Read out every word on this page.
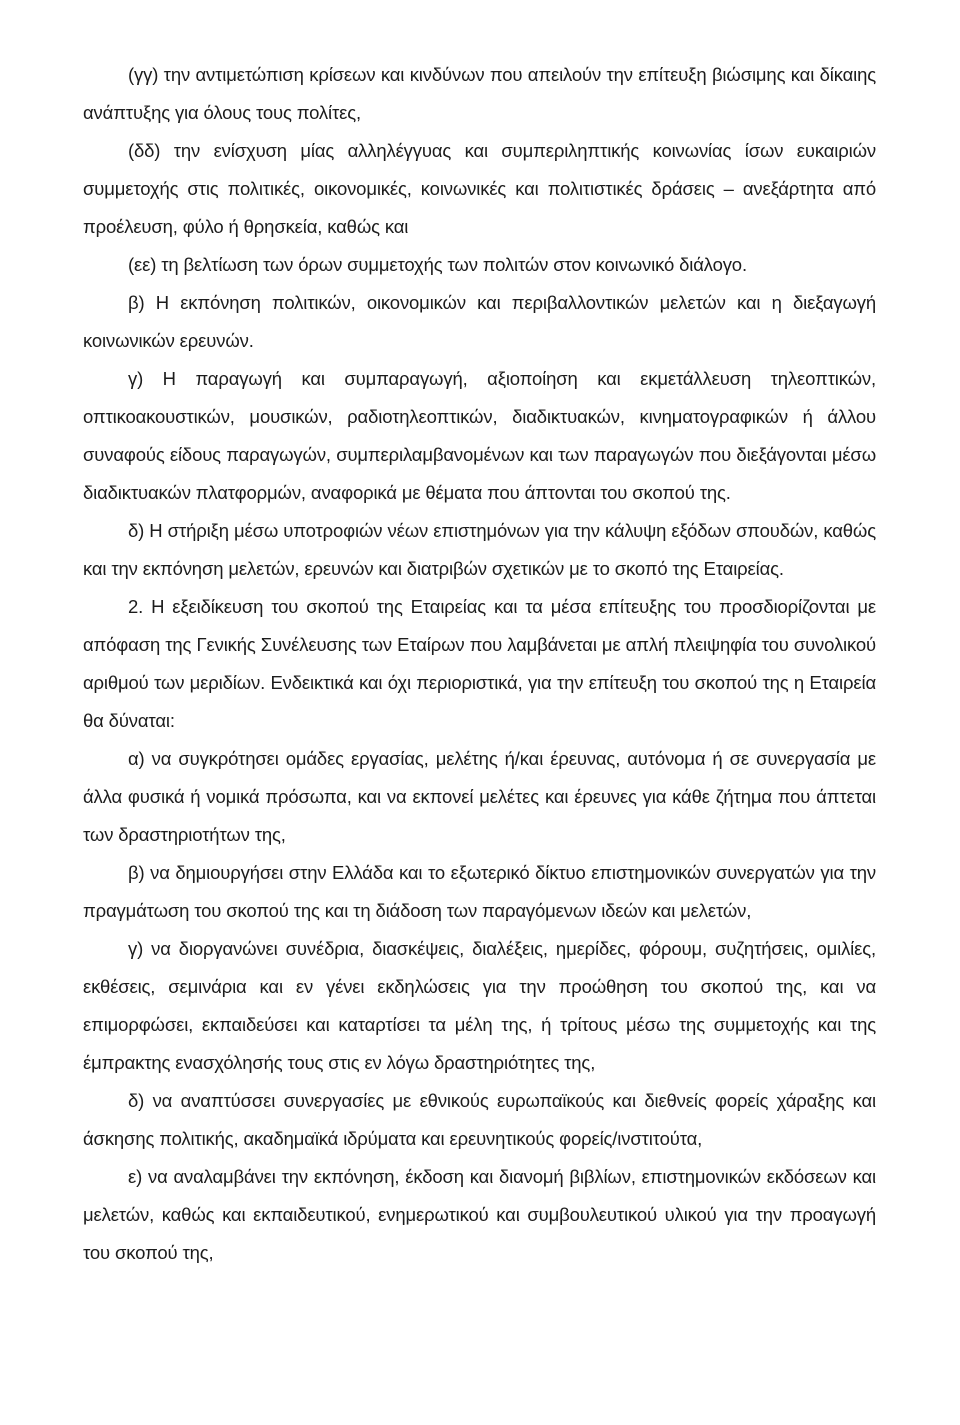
(γγ) την αντιμετώπιση κρίσεων και κινδύνων που απειλούν την επίτευξη βιώσιμης και δίκαιης ανάπτυξης για όλους τους πολίτες,

(δδ) την ενίσχυση μίας αλληλέγγυας και συμπεριληπτικής κοινωνίας ίσων ευκαιριών συμμετοχής στις πολιτικές, οικονομικές, κοινωνικές και πολιτιστικές δράσεις – ανεξάρτητα από προέλευση, φύλο ή θρησκεία, καθώς και

(εε) τη βελτίωση των όρων συμμετοχής των πολιτών στον κοινωνικό διάλογο.

β) Η εκπόνηση πολιτικών, οικονομικών και περιβαλλοντικών μελετών και η διεξαγωγή κοινωνικών ερευνών.

γ) Η παραγωγή και συμπαραγωγή, αξιοποίηση και εκμετάλλευση τηλεοπτικών, οπτικοακουστικών, μουσικών, ραδιοτηλεοπτικών, διαδικτυακών, κινηματογραφικών ή άλλου συναφούς είδους παραγωγών, συμπεριλαμβανομένων και των παραγωγών που διεξάγονται μέσω διαδικτυακών πλατφορμών, αναφορικά με θέματα που άπτονται του σκοπού της.

δ) Η στήριξη μέσω υποτροφιών νέων επιστημόνων για την κάλυψη εξόδων σπουδών, καθώς και την εκπόνηση μελετών, ερευνών και διατριβών σχετικών με το σκοπό της Εταιρείας.

2. Η εξειδίκευση του σκοπού της Εταιρείας και τα μέσα επίτευξης του προσδιορίζονται με απόφαση της Γενικής Συνέλευσης των Εταίρων που λαμβάνεται με απλή πλειψηφία του συνολικού αριθμού των μεριδίων. Ενδεικτικά και όχι περιοριστικά, για την επίτευξη του σκοπού της η Εταιρεία θα δύναται:

α) να συγκρότησει ομάδες εργασίας, μελέτης ή/και έρευνας, αυτόνομα ή σε συνεργασία με άλλα φυσικά ή νομικά πρόσωπα, και να εκπονεί μελέτες και έρευνες για κάθε ζήτημα που άπτεται των δραστηριοτήτων της,

β) να δημιουργήσει στην Ελλάδα και το εξωτερικό δίκτυο επιστημονικών συνεργατών για την πραγμάτωση του σκοπού της και τη διάδοση των παραγόμενων ιδεών και μελετών,

γ) να διοργανώνει συνέδρια, διασκέψεις, διαλέξεις, ημερίδες, φόρουμ, συζητήσεις, ομιλίες, εκθέσεις, σεμινάρια και εν γένει εκδηλώσεις για την προώθηση του σκοπού της, και να επιμορφώσει, εκπαιδεύσει και καταρτίσει τα μέλη της, ή τρίτους μέσω της συμμετοχής και της έμπρακτης ενασχόλησής τους στις εν λόγω δραστηριότητες της,

δ) να αναπτύσσει συνεργασίες με εθνικούς ευρωπαϊκούς και διεθνείς φορείς χάραξης και άσκησης πολιτικής, ακαδημαϊκά ιδρύματα και ερευνητικούς φορείς/ινστιτούτα,

ε) να αναλαμβάνει την εκπόνηση, έκδοση και διανομή βιβλίων, επιστημονικών εκδόσεων και μελετών, καθώς και εκπαιδευτικού, ενημερωτικού και συμβουλευτικού υλικού για την προαγωγή του σκοπού της,
